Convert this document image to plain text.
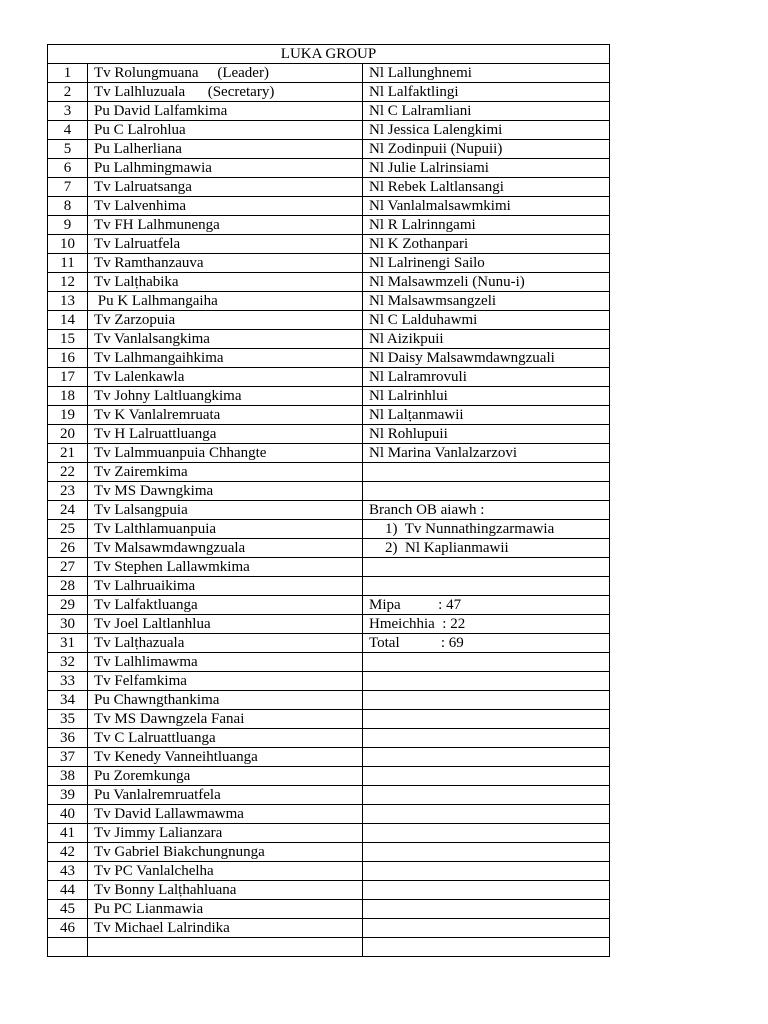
LUKA GROUP		
1	Tv Rolungmuana     (Leader)	Nl Lallunghnemi
2	Tv Lalhluzuala      (Secretary)	Nl Lalfaktlingi
3	Pu David Lalfamkima	Nl C Lalramliani
4	Pu C Lalrohlua	Nl Jessica Lalengkimi
5	Pu Lalherliana	Nl Zodinpuii (Nupuii)
6	Pu Lalhmingmawia	Nl Julie Lalrinsiami
7	Tv Lalruatsanga	Nl Rebek Laltlansangi
8	Tv Lalvenhima	Nl Vanlalmalsawmkimi
9	Tv FH Lalhmunenga	Nl R Lalrinngami
10	Tv Lalruatfela	Nl K Zothanpari
11	Tv Ramthanzauva	Nl Lalrinengi Sailo
12	Tv Lalṭhabika	Nl Malsawmzeli (Nunu-i)
13	Pu K Lalhmangaiha	Nl Malsawmsangzeli
14	Tv Zarzopuia	Nl C Lalduhawmi
15	Tv Vanlalsangkima	Nl Aizikpuii
16	Tv Lalhmangaihkima	Nl Daisy Malsawmdawngzuali
17	Tv Lalenkawla	Nl Lalramrovuli
18	Tv Johny Laltluangkima	Nl Lalrinhlui
19	Tv K Vanlalremruata	Nl Lalṭanmawii
20	Tv H Lalruattluanga	Nl Rohlupuii
21	Tv Lalmmuanpuia Chhangte	Nl Marina Vanlalzarzovi
22	Tv Zairemkima	
23	Tv MS Dawngkima	
24	Tv Lalsangpuia	Branch OB aiawh :
25	Tv Lalthlamuanpuia	1)  Tv Nunnathingzarmawia
26	Tv Malsawmdawngzuala	2)  Nl Kaplianmawii
27	Tv Stephen Lallawmkima	
28	Tv Lalhruaikima	
29	Tv Lalfaktluanga	Mipa          : 47
30	Tv Joel Laltlanhlua	Hmeichhia  : 22
31	Tv Lalṭhazuala	Total           : 69
32	Tv Lalhlimawma	
33	Tv Felfamkima	
34	Pu Chawngthankima	
35	Tv MS Dawngzela Fanai	
36	Tv C Lalruattluanga	
37	Tv Kenedy Vanneihtluanga	
38	Pu Zoremkunga	
39	Pu Vanlalremruatfela	
40	Tv David Lallawmawma	
41	Tv Jimmy Lalianzara	
42	Tv Gabriel Biakchungnunga	
43	Tv PC Vanlalchelha	
44	Tv Bonny Lalṭhahluana	
45	Pu PC Lianmawia	
46	Tv Michael Lalrindika	
